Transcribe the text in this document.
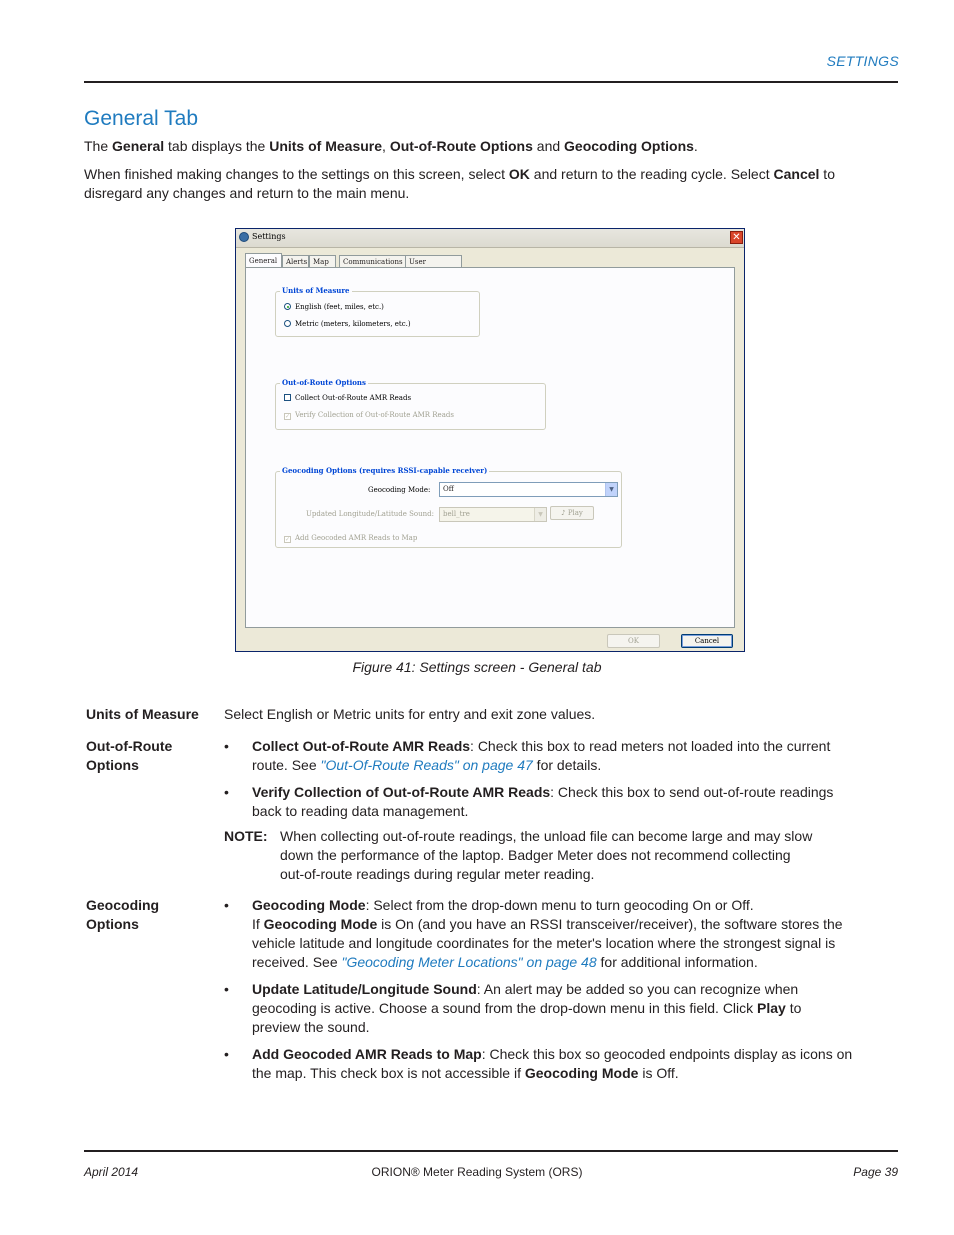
SETTINGS
General Tab
The General tab displays the Units of Measure, Out-of-Route Options and Geocoding Options.
When finished making changes to the settings on this screen, select OK and return to the reading cycle. Select Cancel to
disregard any changes and return to the main menu.
Settings	✕
General	Alerts Map	Communications User
Units of Measure
English (feet, miles, etc.)
Metric (meters, kilometers, etc.)
Out-of-Route Options
Collect Out-of-Route AMR Reads
✓ Verify Collection of Out-of-Route AMR Reads
Geocoding Options (requires RSSI-capable receiver)
Geocoding Mode:	Off	▼
Updated Longitude/Latitude Sound:	bell_tre	▼	♪ Play
✓ Add Geocoded AMR Reads to Map
OK	Cancel
Figure 41: Settings screen - General tab
Units of Measure	Select English or Metric units for entry and exit zone values.
Out-of-Route
Options
• Collect Out-of-Route AMR Reads: Check this box to read meters not loaded into the current
route. See "Out-Of-Route Reads" on page 47 for details.
• Verify Collection of Out-of-Route AMR Reads: Check this box to send out-of-route readings
back to reading data management.
NOTE: When collecting out-of-route readings, the unload file can become large and may slow
down the performance of the laptop. Badger Meter does not recommend collecting
out-of-route readings during regular meter reading.
Geocoding
Options
• Geocoding Mode: Select from the drop-down menu to turn geocoding On or Off.
If Geocoding Mode is On (and you have an RSSI transceiver/receiver), the software stores the
vehicle latitude and longitude coordinates for the meter's location where the strongest signal is
received. See "Geocoding Meter Locations" on page 48 for additional information.
• Update Latitude/Longitude Sound: An alert may be added so you can recognize when
geocoding is active. Choose a sound from the drop-down menu in this field. Click Play to
preview the sound.
• Add Geocoded AMR Reads to Map: Check this box so geocoded endpoints display as icons on
the map. This check box is not accessible if Geocoding Mode is Off.
April 2014	ORION® Meter Reading System (ORS)	Page 39
